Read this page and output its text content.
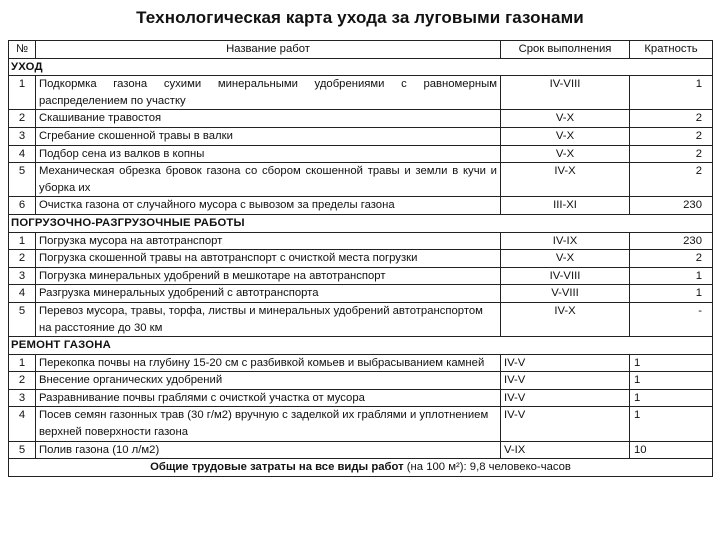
Технологическая карта ухода за луговыми газонами
№	Название работ	Срок выполнения	Кратность
УХОД			
1	Подкормка газона сухими минеральными удобрениями с равномерным распределением по участку	IV-VIII	1
2	Скашивание травостоя	V-X	2
3	Сгребание скошенной травы в валки	V-X	2
4	Подбор сена из валков в копны	V-X	2
5	Механическая обрезка бровок газона со сбором скошенной травы и земли в кучи и уборка их	IV-X	2
6	Очистка газона от случайного мусора с вывозом за пределы газона	III-XI	230
ПОГРУЗОЧНО-РАЗГРУЗОЧНЫЕ РАБОТЫ			
1	Погрузка мусора на автотранспорт	IV-IX	230
2	Погрузка скошенной травы на автотранспорт с очисткой места погрузки	V-X	2
3	Погрузка минеральных удобрений в мешкотаре на автотранспорт	IV-VIII	1
4	Разгрузка минеральных удобрений с автотранспорта	V-VIII	1
5	Перевоз мусора, травы, торфа, листвы и минеральных удобрений автотранспортом на расстояние до 30 км	IV-X	-
РЕМОНТ ГАЗОНА			
1	Перекопка почвы на глубину 15-20 см с разбивкой комьев и выбрасыванием камней	IV-V	1
2	Внесение органических удобрений	IV-V	1
3	Разравнивание почвы граблями с очисткой участка от мусора	IV-V	1
4	Посев семян газонных трав (30 г/м2) вручную с заделкой их граблями и уплотнением верхней поверхности газона	IV-V	1
5	Полив газона (10 л/м2)	V-IX	10
Общие трудовые затраты на все виды работ (на 100 м²): 9,8 человеко-часов			
